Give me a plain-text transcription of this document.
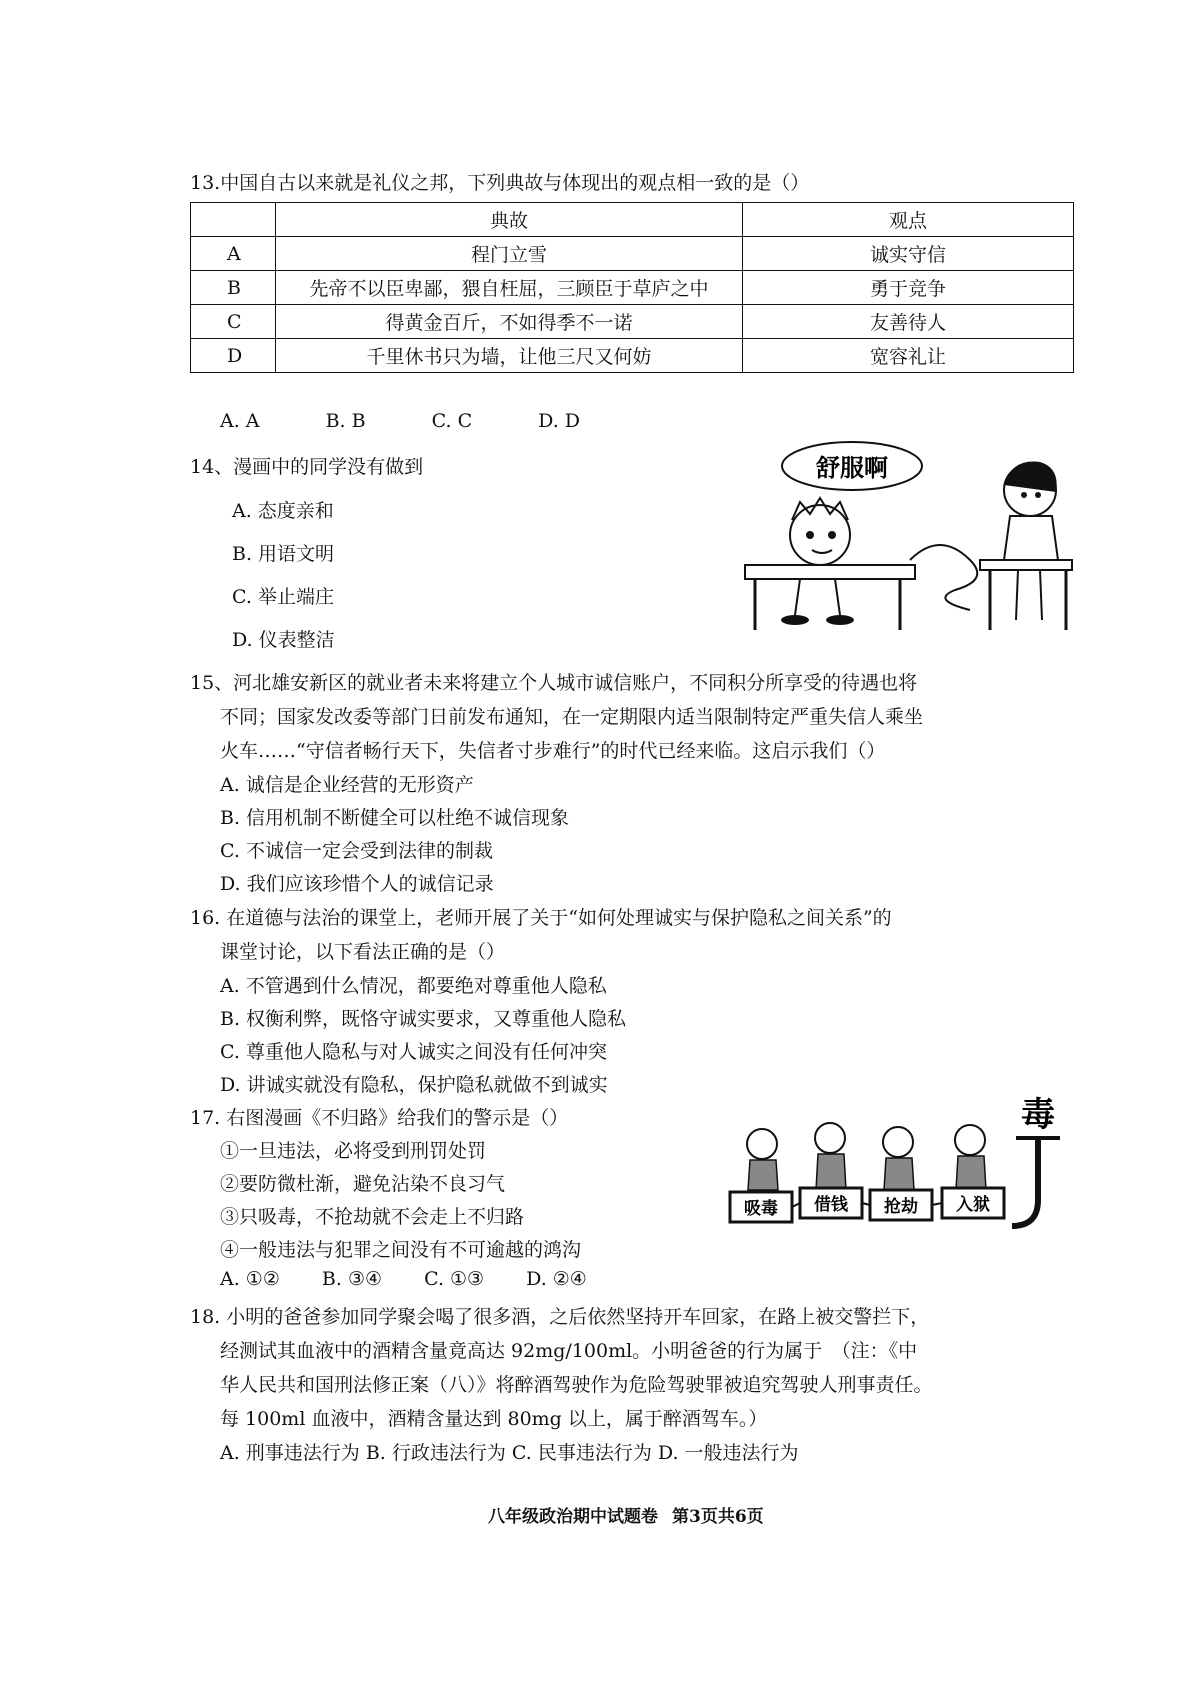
13.中国自古以来就是礼仪之邦，下列典故与体现出的观点相一致的是（）
	典故	观点
A	程门立雪	诚实守信
B	先帝不以臣卑鄙，猥自枉屈，三顾臣于草庐之中	勇于竞争
C	得黄金百斤，不如得季不一诺	友善待人
D	千里休书只为墙，让他三尺又何妨	宽容礼让
A. A	B. B	C. C	D. D
14、漫画中的同学没有做到
A. 态度亲和
B. 用语文明
C. 举止端庄
D. 仪表整洁
舒服啊
15、河北雄安新区的就业者未来将建立个人城市诚信账户，不同积分所享受的待遇也将
不同；国家发改委等部门日前发布通知，在一定期限内适当限制特定严重失信人乘坐
火车……“守信者畅行天下，失信者寸步难行”的时代已经来临。这启示我们（）
A. 诚信是企业经营的无形资产
B. 信用机制不断健全可以杜绝不诚信现象
C. 不诚信一定会受到法律的制裁
D. 我们应该珍惜个人的诚信记录
16. 在道德与法治的课堂上，老师开展了关于“如何处理诚实与保护隐私之间关系”的
课堂讨论，以下看法正确的是（）
A. 不管遇到什么情况，都要绝对尊重他人隐私
B. 权衡利弊，既恪守诚实要求，又尊重他人隐私
C. 尊重他人隐私与对人诚实之间没有任何冲突
D. 讲诚实就没有隐私，保护隐私就做不到诚实
17. 右图漫画《不归路》给我们的警示是（）
①一旦违法，必将受到刑罚处罚
②要防微杜渐，避免沾染不良习气
③只吸毒，不抢劫就不会走上不归路
④一般违法与犯罪之间没有不可逾越的鸿沟
A. ①② B. ③④ C. ①③ D. ②④
毒
吸毒 借钱 抢劫 入狱
18. 小明的爸爸参加同学聚会喝了很多酒，之后依然坚持开车回家，在路上被交警拦下，
经测试其血液中的酒精含量竟高达 92mg/100ml。小明爸爸的行为属于　（注：《中
华人民共和国刑法修正案（八）》将醉酒驾驶作为危险驾驶罪被追究驾驶人刑事责任。
每 100ml 血液中，酒精含量达到 80mg 以上，属于醉酒驾车。）
A. 刑事违法行为 B. 行政违法行为 C. 民事违法行为 D. 一般违法行为
八年级政治期中试题卷 第3页共6页
